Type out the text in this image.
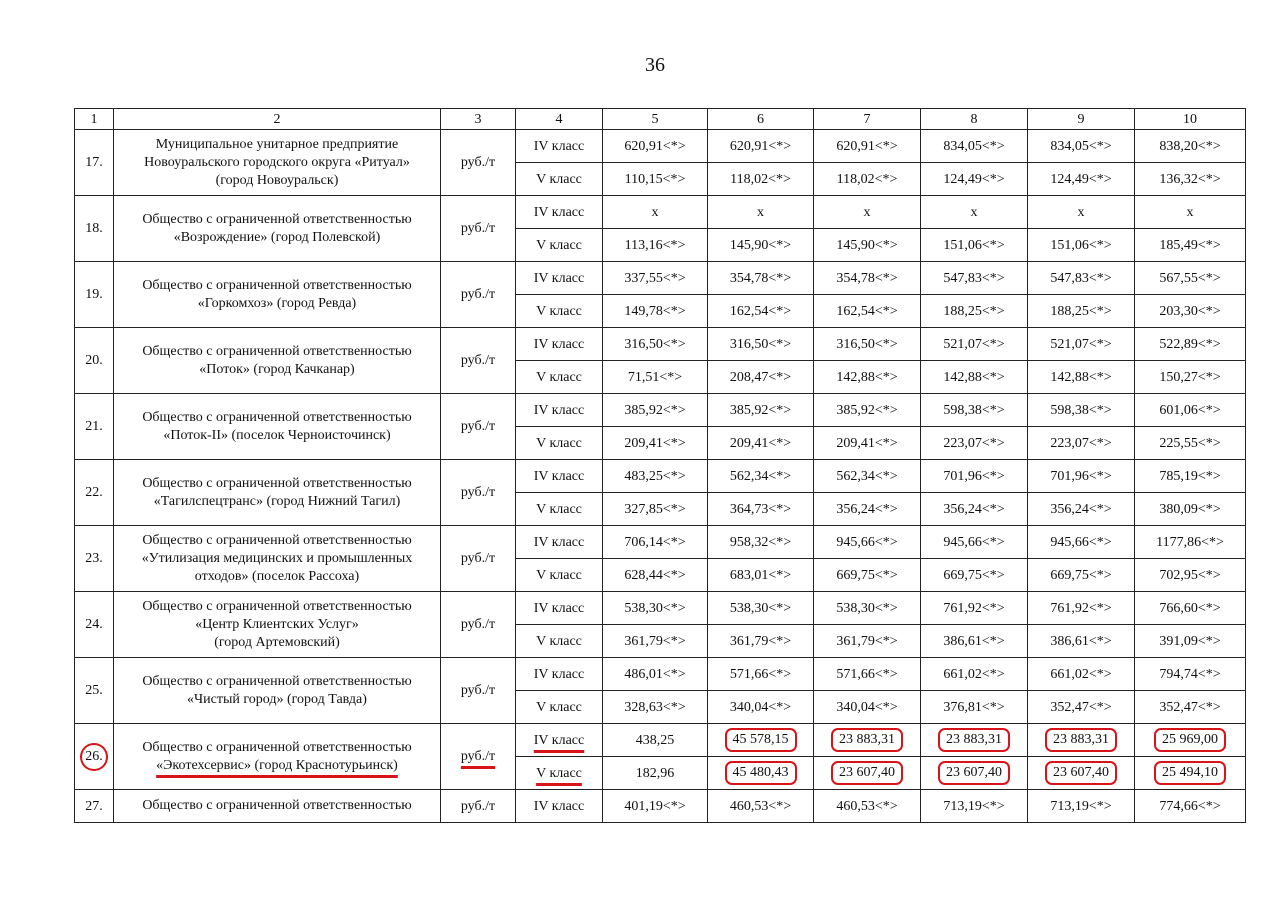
36
1	2	3	4	5	6	7	8	9	10
17.	Муниципальное унитарное предприятие
Новоуральского городского округа «Ритуал»
(город Новоуральск)	руб./т	IV класс	620,91<*>	620,91<*>	620,91<*>	834,05<*>	834,05<*>	838,20<*>
			V класс	110,15<*>	118,02<*>	118,02<*>	124,49<*>	124,49<*>	136,32<*>
18.	Общество с ограниченной ответственностью
«Возрождение» (город Полевской)	руб./т	IV класс	x	x	x	x	x	x
			V класс	113,16<*>	145,90<*>	145,90<*>	151,06<*>	151,06<*>	185,49<*>
19.	Общество с ограниченной ответственностью
«Горкомхоз» (город Ревда)	руб./т	IV класс	337,55<*>	354,78<*>	354,78<*>	547,83<*>	547,83<*>	567,55<*>
			V класс	149,78<*>	162,54<*>	162,54<*>	188,25<*>	188,25<*>	203,30<*>
20.	Общество с ограниченной ответственностью
«Поток» (город Качканар)	руб./т	IV класс	316,50<*>	316,50<*>	316,50<*>	521,07<*>	521,07<*>	522,89<*>
			V класс	71,51<*>	208,47<*>	142,88<*>	142,88<*>	142,88<*>	150,27<*>
21.	Общество с ограниченной ответственностью
«Поток-II» (поселок Черноисточинск)	руб./т	IV класс	385,92<*>	385,92<*>	385,92<*>	598,38<*>	598,38<*>	601,06<*>
			V класс	209,41<*>	209,41<*>	209,41<*>	223,07<*>	223,07<*>	225,55<*>
22.	Общество с ограниченной ответственностью
«Тагилспецтранс» (город Нижний Тагил)	руб./т	IV класс	483,25<*>	562,34<*>	562,34<*>	701,96<*>	701,96<*>	785,19<*>
			V класс	327,85<*>	364,73<*>	356,24<*>	356,24<*>	356,24<*>	380,09<*>
23.	Общество с ограниченной ответственностью
«Утилизация медицинских и промышленных
отходов» (поселок Рассоха)	руб./т	IV класс	706,14<*>	958,32<*>	945,66<*>	945,66<*>	945,66<*>	1177,86<*>
			V класс	628,44<*>	683,01<*>	669,75<*>	669,75<*>	669,75<*>	702,95<*>
24.	Общество с ограниченной ответственностью
«Центр Клиентских Услуг»
(город Артемовский)	руб./т	IV класс	538,30<*>	538,30<*>	538,30<*>	761,92<*>	761,92<*>	766,60<*>
			V класс	361,79<*>	361,79<*>	361,79<*>	386,61<*>	386,61<*>	391,09<*>
25.	Общество с ограниченной ответственностью
«Чистый город» (город Тавда)	руб./т	IV класс	486,01<*>	571,66<*>	571,66<*>	661,02<*>	661,02<*>	794,74<*>
			V класс	328,63<*>	340,04<*>	340,04<*>	376,81<*>	352,47<*>	352,47<*>
26.	Общество с ограниченной ответственностью
«Экотехсервис» (город Краснотурьинск)	руб./т	IV класс	438,25	45 578,15	23 883,31	23 883,31	23 883,31	25 969,00
			V класс	182,96	45 480,43	23 607,40	23 607,40	23 607,40	25 494,10
27.	Общество с ограниченной ответственностью	руб./т	IV класс	401,19<*>	460,53<*>	460,53<*>	713,19<*>	713,19<*>	774,66<*>
